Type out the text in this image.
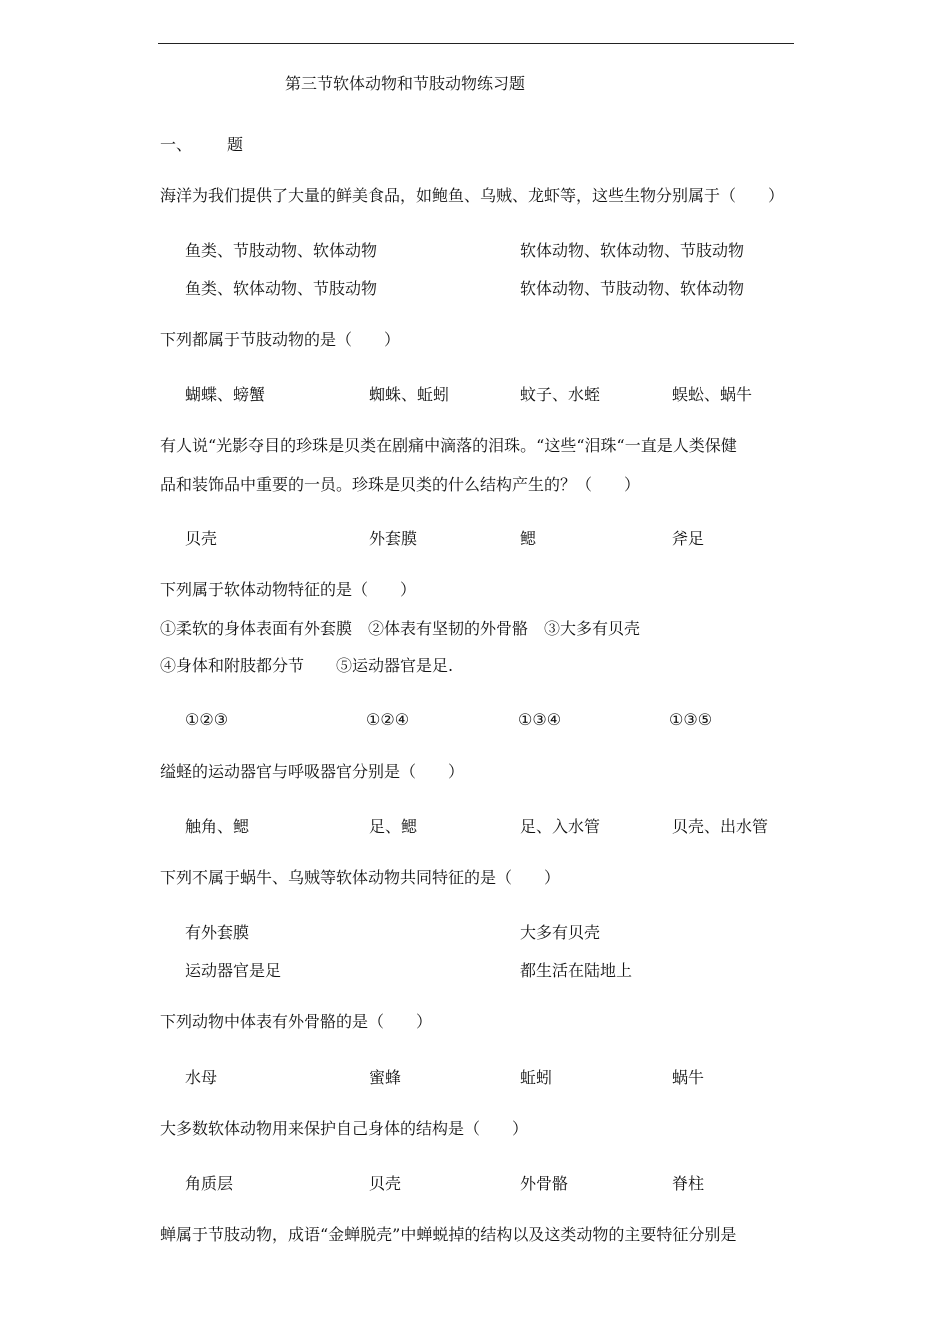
第三节软体动物和节肢动物练习题
一、 题
海洋为我们提供了大量的鲜美食品，如鲍鱼、乌贼、龙虾等，这些生物分别属于（　　）
鱼类、节肢动物、软体动物	软体动物、软体动物、节肢动物
鱼类、软体动物、节肢动物	软体动物、节肢动物、软体动物
下列都属于节肢动物的是（　　）
蝴蝶、螃蟹	蜘蛛、蚯蚓	蚊子、水蛭	蜈蚣、蜗牛
有人说“光影夺目的珍珠是贝类在剧痛中滴落的泪珠。“这些“泪珠“一直是人类保健
品和装饰品中重要的一员。珍珠是贝类的什么结构产生的？（　　）
贝壳	外套膜	鳃	斧足
下列属于软体动物特征的是（　　）
①柔软的身体表面有外套膜　②体表有坚韧的外骨骼　③大多有贝壳
④身体和附肢都分节　　⑤运动器官是足.
①②③	①②④	①③④	①③⑤
缢蛏的运动器官与呼吸器官分别是（　　）
触角、鳃	足、鳃	足、入水管	贝壳、出水管
下列不属于蜗牛、乌贼等软体动物共同特征的是（　　）
有外套膜	大多有贝壳
运动器官是足	都生活在陆地上
下列动物中体表有外骨骼的是（　　）
水母	蜜蜂	蚯蚓	蜗牛
大多数软体动物用来保护自己身体的结构是（　　）
角质层	贝壳	外骨骼	脊柱
蝉属于节肢动物，成语“金蝉脱壳”中蝉蜕掉的结构以及这类动物的主要特征分别是
